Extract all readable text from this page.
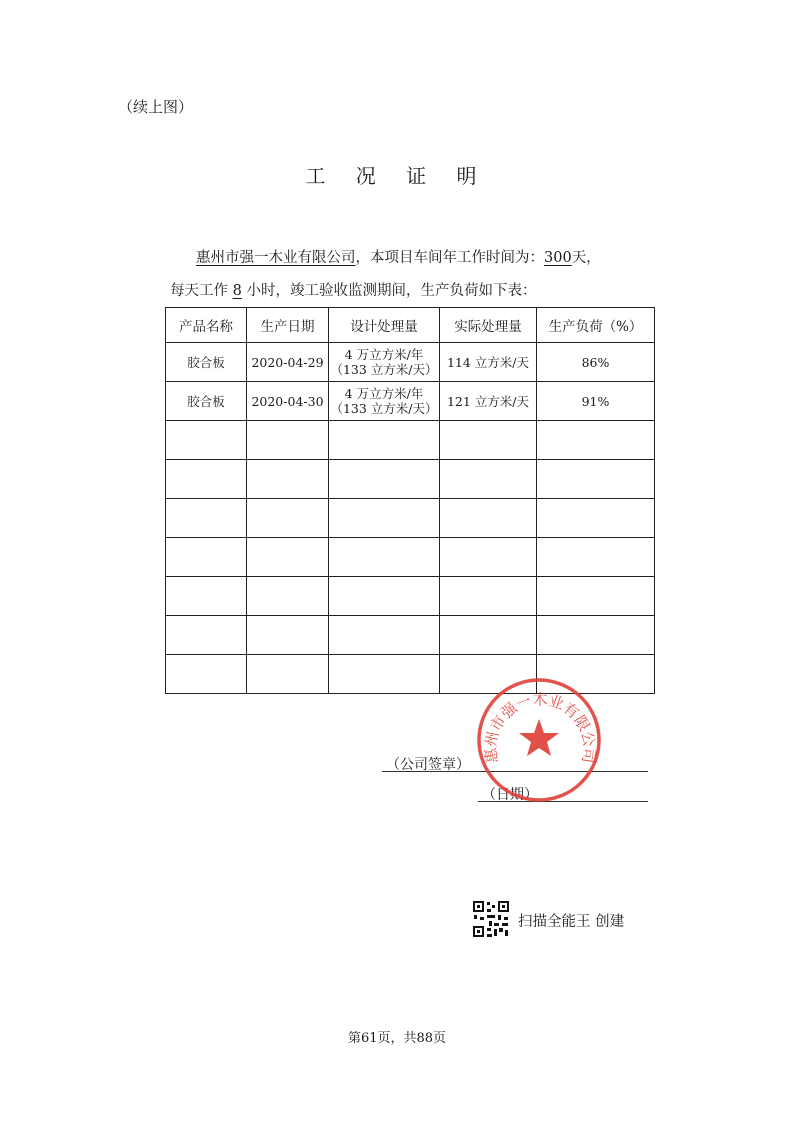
（续上图）
工 况 证 明
惠州市强一木业有限公司，本项目车间年工作时间为：300天，
每天工作 8 小时，竣工验收监测期间，生产负荷如下表：
产品名称	生产日期	设计处理量	实际处理量	生产负荷（%）
胶合板	2020-04-29	4 万立方米/年
（133 立方米/天）	114 立方米/天	86%
胶合板	2020-04-30	4 万立方米/年
（133 立方米/天）	121 立方米/天	91%

（公司签章）
（日期）
惠州市强一木业有限公司
扫描全能王 创建
第61页，共88页
